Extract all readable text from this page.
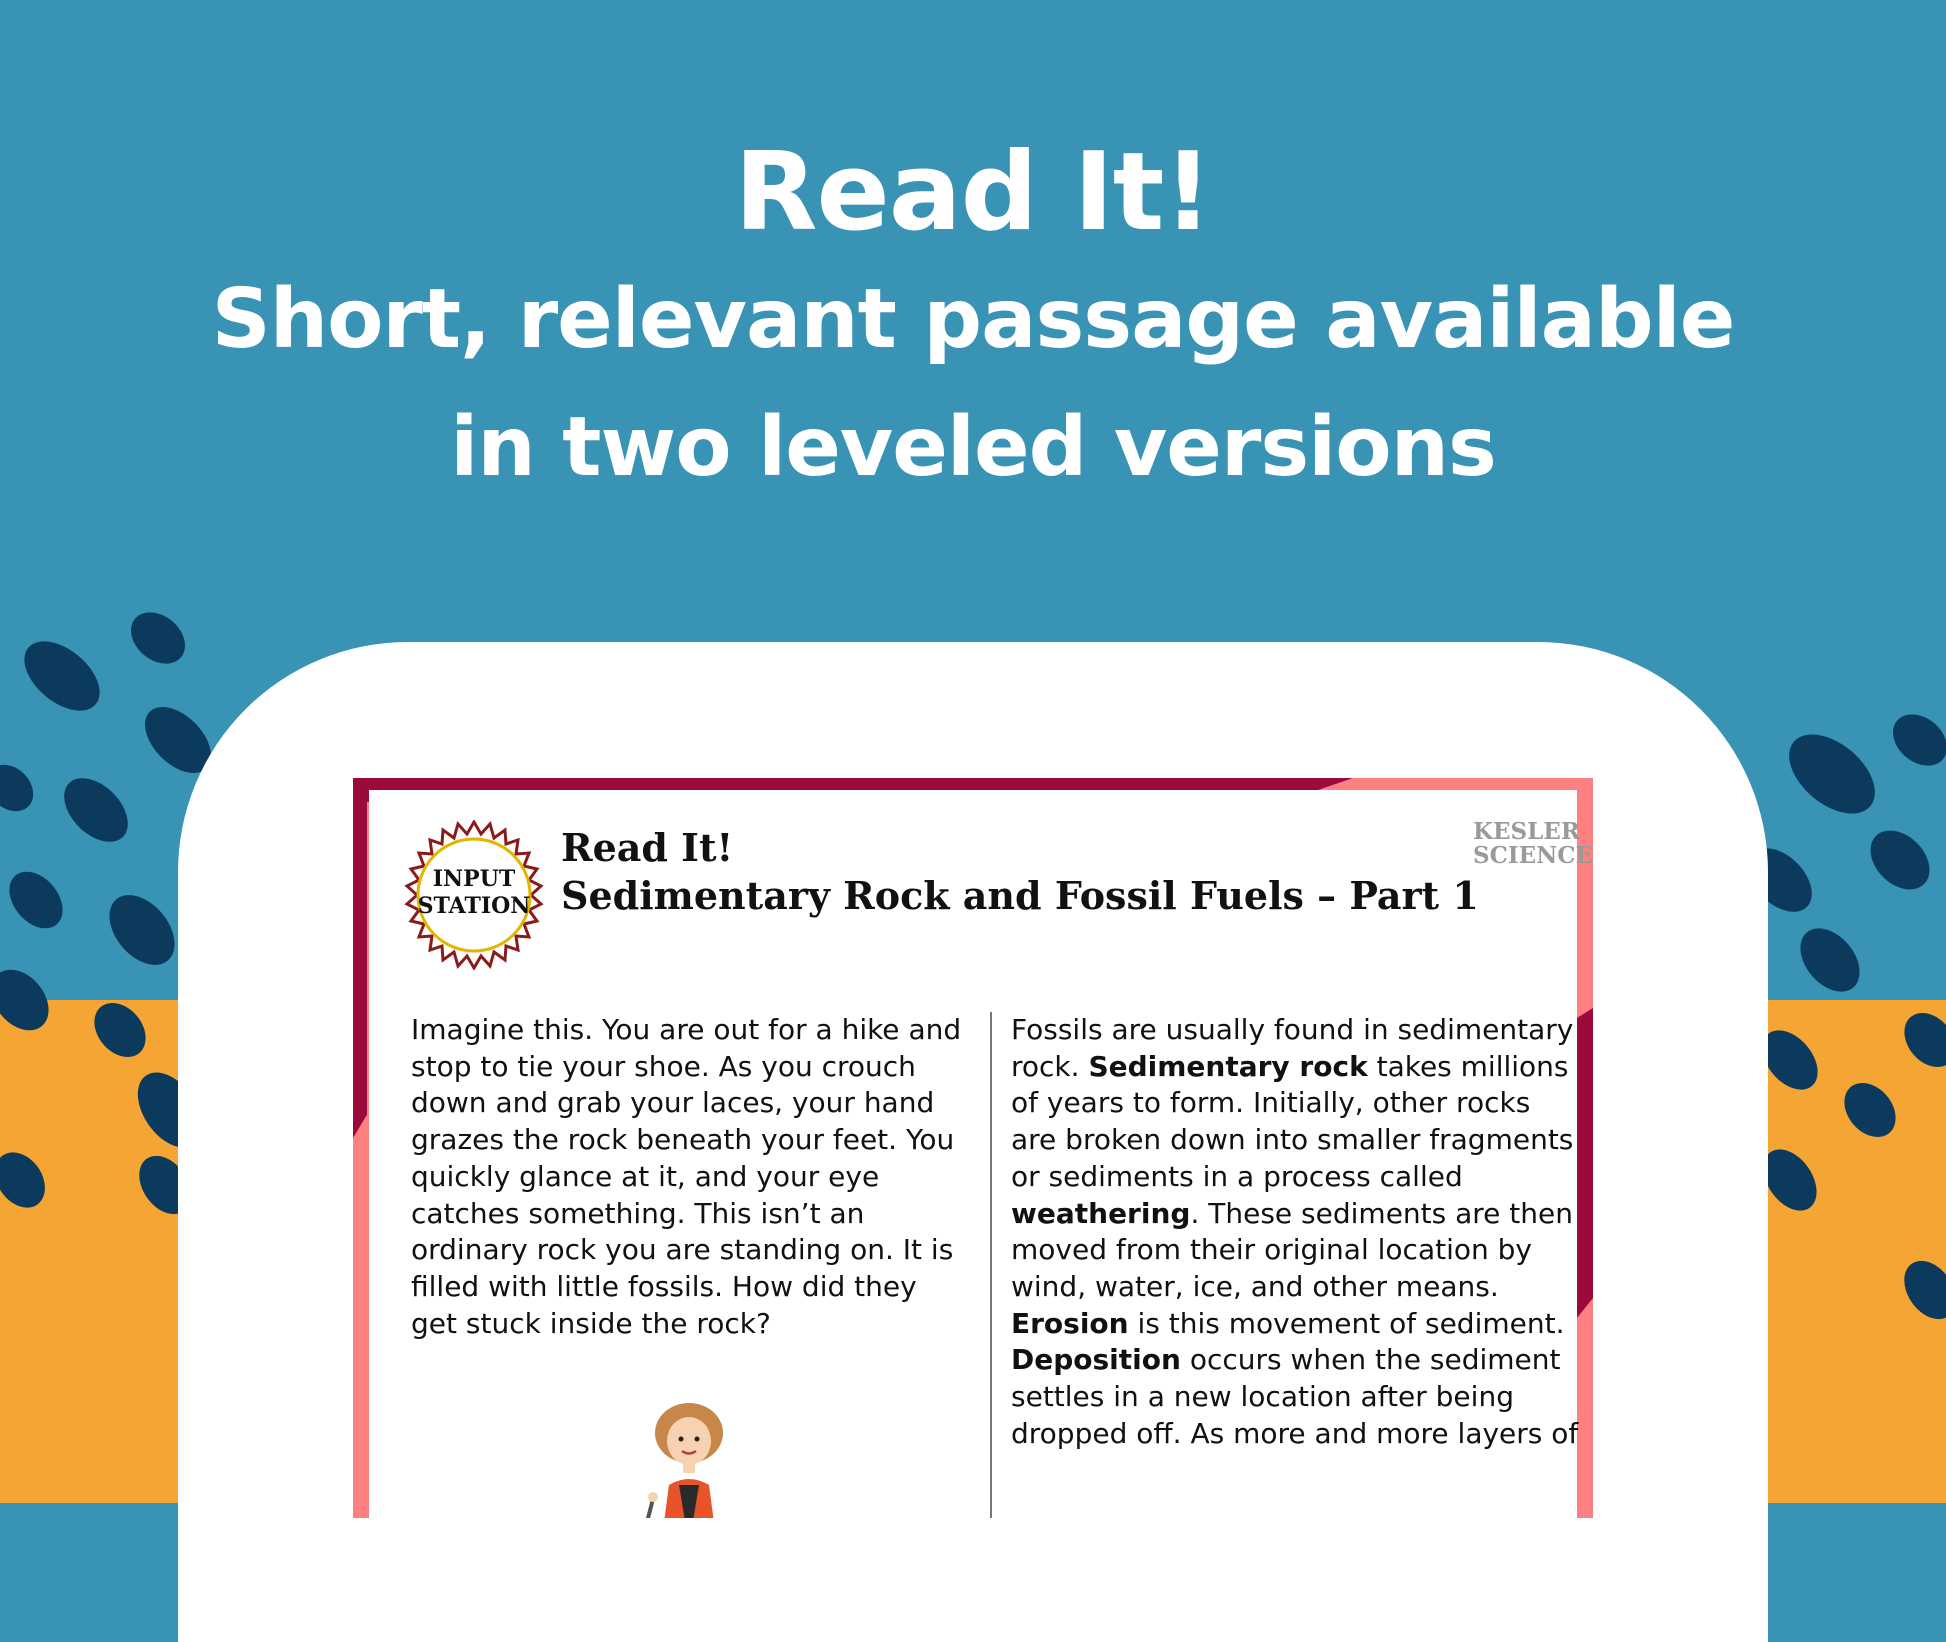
Read It!
Short, relevant passage available
in two leveled versions
INPUT
STATION
Read It!
Sedimentary Rock and Fossil Fuels – Part 1
KESLER
SCIENCE

Imagine this. You are out for a hike and stop to tie your shoe. As you crouch down and grab your laces, your hand grazes the rock beneath your feet. You quickly glance at it, and your eye catches something. This isn’t an ordinary rock you are standing on. It is filled with little fossils. How did they get stuck inside the rock?

Fossils are usually found in sedimentary rock. Sedimentary rock takes millions of years to form. Initially, other rocks are broken down into smaller fragments or sediments in a process called weathering. These sediments are then moved from their original location by wind, water, ice, and other means. Erosion is this movement of sediment. Deposition occurs when the sediment settles in a new location after being dropped off. As more and more layers of
